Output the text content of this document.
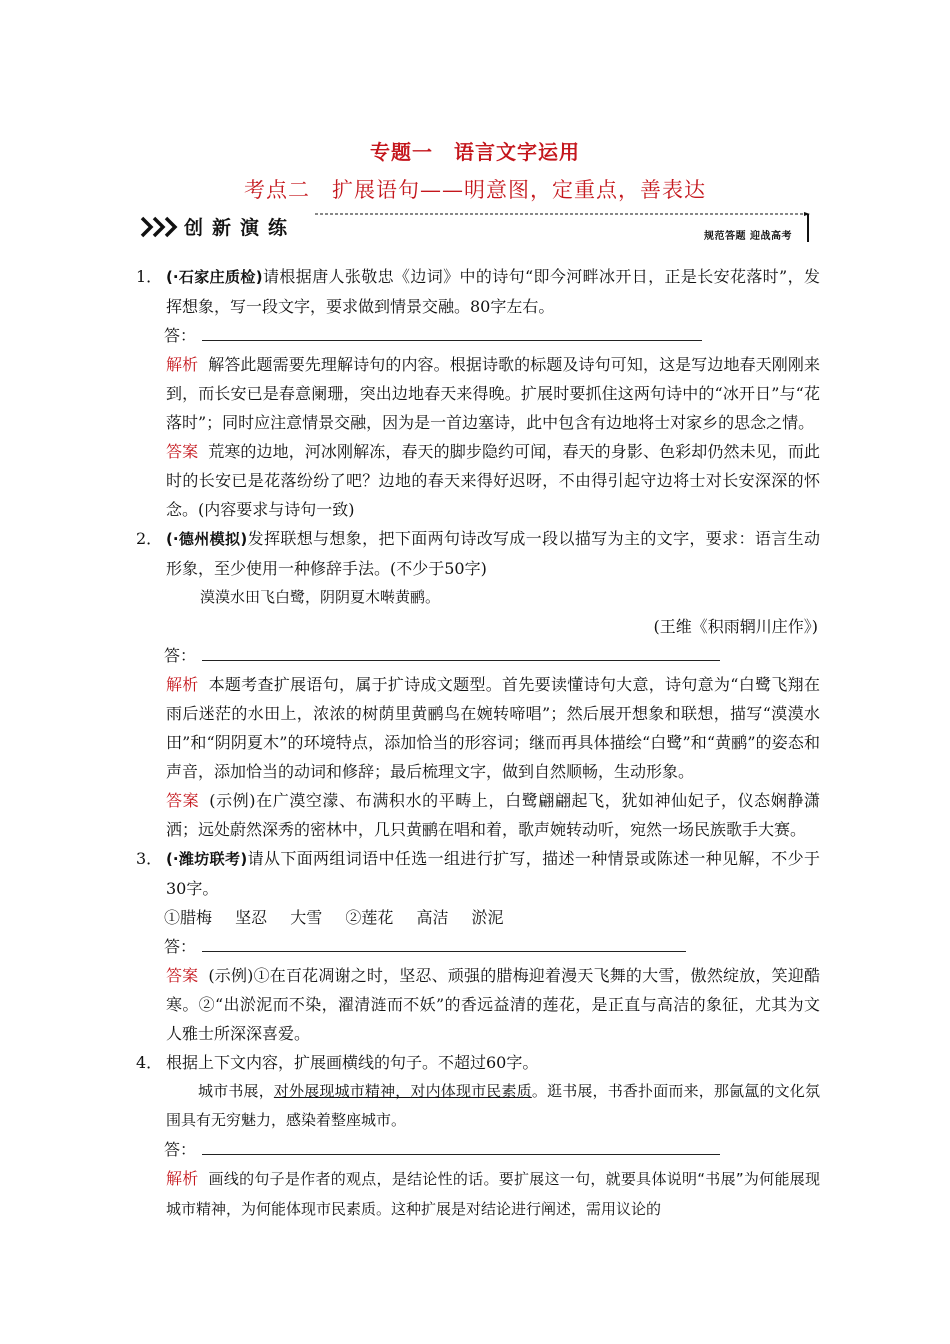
专题一　语言文字运用
考点二　扩展语句——明意图，定重点，善表达
创新演练	规范答题 迎战高考

1． (·石家庄质检)请根据唐人张敬忠《边词》中的诗句“即今河畔冰开日，正是长安花落时”，发挥想象，写一段文字，要求做到情景交融。80字左右。

答：

解析 解答此题需要先理解诗句的内容。根据诗歌的标题及诗句可知，这是写边地春天刚刚来到，而长安已是春意阑珊，突出边地春天来得晚。扩展时要抓住这两句诗中的“冰开日”与“花落时”；同时应注意情景交融，因为是一首边塞诗，此中包含有边地将士对家乡的思念之情。

答案 荒寒的边地，河冰刚解冻，春天的脚步隐约可闻，春天的身影、色彩却仍然未见，而此时的长安已是花落纷纷了吧？边地的春天来得好迟呀，不由得引起守边将士对长安深深的怀念。(内容要求与诗句一致)

2． (·德州模拟)发挥联想与想象，把下面两句诗改写成一段以描写为主的文字，要求：语言生动形象，至少使用一种修辞手法。(不少于50字)

漠漠水田飞白鹭，阴阴夏木啭黄鹂。

(王维《积雨辋川庄作》)

答：

解析 本题考查扩展语句，属于扩诗成文题型。首先要读懂诗句大意，诗句意为“白鹭飞翔在雨后迷茫的水田上，浓浓的树荫里黄鹂鸟在婉转啼唱”；然后展开想象和联想，描写“漠漠水田”和“阴阴夏木”的环境特点，添加恰当的形容词；继而再具体描绘“白鹭”和“黄鹂”的姿态和声音，添加恰当的动词和修辞；最后梳理文字，做到自然顺畅，生动形象。

答案 (示例)在广漠空濛、布满积水的平畴上，白鹭翩翩起飞，犹如神仙妃子，仪态娴静潇洒；远处蔚然深秀的密林中，几只黄鹂在唱和着，歌声婉转动听，宛然一场民族歌手大赛。

3． (·潍坊联考)请从下面两组词语中任选一组进行扩写，描述一种情景或陈述一种见解，不少于30字。

①腊梅 坚忍 大雪 ②莲花 高洁 淤泥

答：

答案 (示例)①在百花凋谢之时，坚忍、顽强的腊梅迎着漫天飞舞的大雪，傲然绽放，笑迎酷寒。②“出淤泥而不染，濯清涟而不妖”的香远益清的莲花，是正直与高洁的象征，尤其为文人雅士所深深喜爱。

4． 根据上下文内容，扩展画横线的句子。不超过60字。

城市书展，对外展现城市精神，对内体现市民素质。逛书展，书香扑面而来，那氤氲的文化氛围具有无穷魅力，感染着整座城市。

答：

解析 画线的句子是作者的观点，是结论性的话。要扩展这一句，就要具体说明“书展”为何能展现城市精神，为何能体现市民素质。这种扩展是对结论进行阐述，需用议论的
